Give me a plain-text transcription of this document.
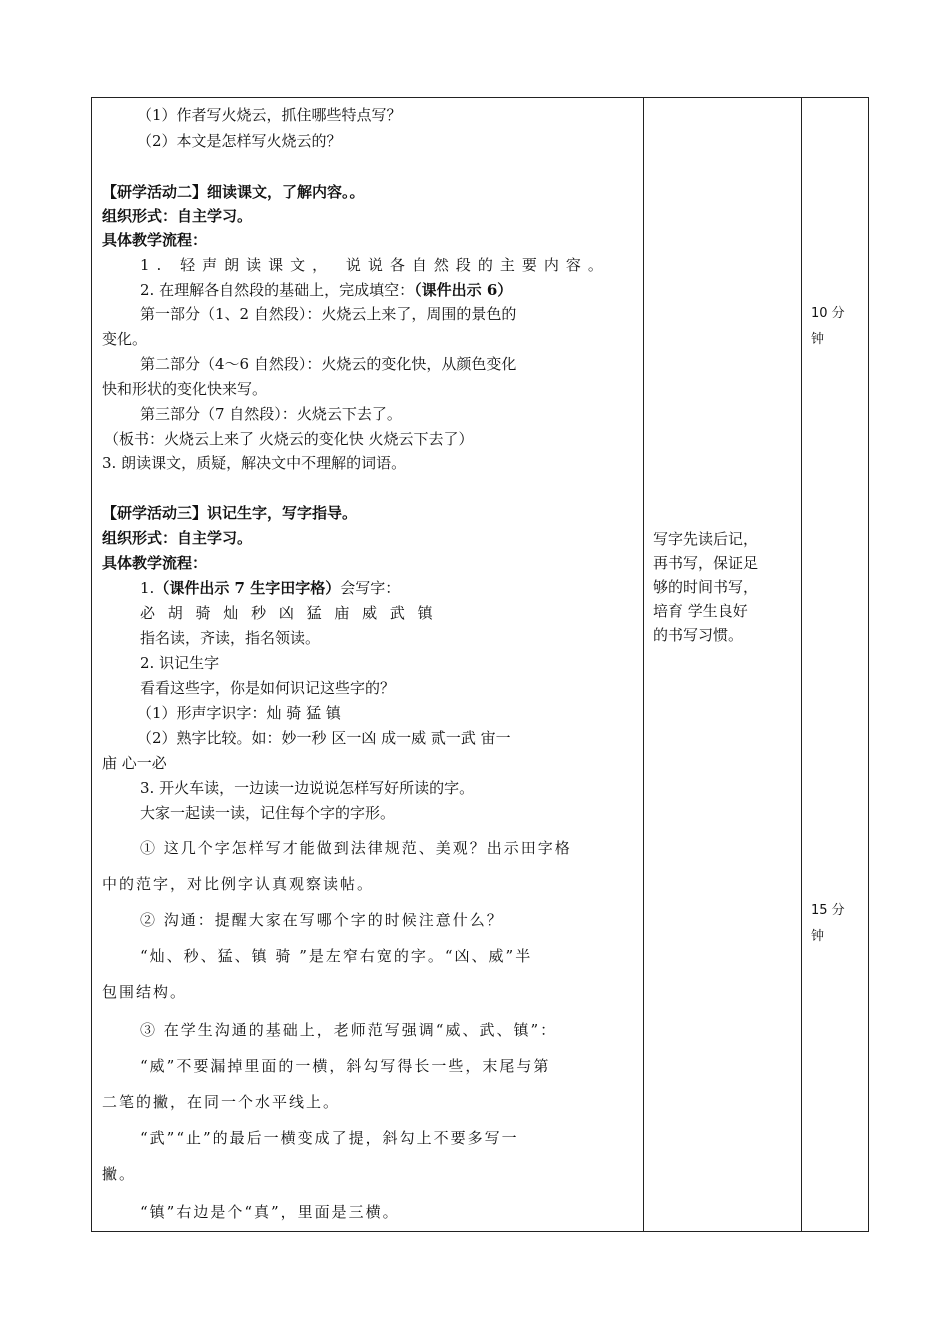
（1）作者写火烧云，抓住哪些特点写？
（2）本文是怎样写火烧云的？
【研学活动二】细读课文，了解内容。。
组织形式：自主学习。
具体教学流程：
1. 轻声朗读课文， 说说各自然段的主要内容。
2. 在理解各自然段的基础上，完成填空：（课件出示 6）
第一部分（1、2 自然段）：火烧云上来了，周围的景色的
变化。
第二部分（4～6 自然段）：火烧云的变化快，从颜色变化
快和形状的变化快来写。
第三部分（7 自然段）：火烧云下去了。
（板书：火烧云上来了 火烧云的变化快 火烧云下去了）
3. 朗读课文，质疑，解决文中不理解的词语。
【研学活动三】识记生字，写字指导。
组织形式：自主学习。
具体教学流程：
1.（课件出示 7 生字田字格）会写字：
必 胡 骑 灿 秒 凶 猛 庙 威 武 镇
指名读，齐读，指名领读。
2. 识记生字
看看这些字，你是如何识记这些字的？
（1）形声字识字：灿 骑 猛 镇
（2）熟字比较。如：妙一秒 区一凶 成一威 贰一武 宙一
庙 心一必
3. 开火车读，一边读一边说说怎样写好所读的字。
大家一起读一读，记住每个字的字形。
① 这几个字怎样写才能做到法律规范、美观？出示田字格
中的范字，对比例字认真观察读帖。
② 沟通：提醒大家在写哪个字的时候注意什么？
“灿、秒、猛、镇 骑 ”是左窄右宽的字。“凶、威”半
包围结构。
③ 在学生沟通的基础上，老师范写强调“威、武、镇”：
“威”不要漏掉里面的一横，斜勾写得长一些，末尾与第
二笔的撇，在同一个水平线上。
“武”“止”的最后一横变成了提，斜勾上不要多写一
撇。
“镇”右边是个“真”，里面是三横。
写字先读后记，
再书写，保证足
够的时间书写，
培育 学生良好
的书写习惯。
10 分
钟
15 分
钟
